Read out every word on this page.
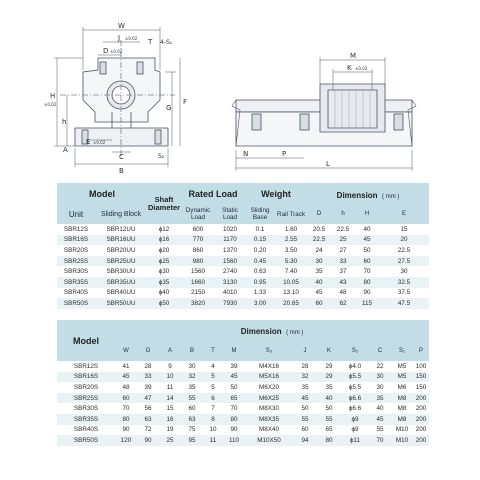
W
J ±0.02
D ±0.02
T 4-S₁
H
±0.02
h
F
G
E ±0.02
C
B
S₂
A
M
K ±0.02
N	P
L
Model		Shaft Diameter	Rated Load		Weight		Dimension ( mm )			
Unit	Sliding Block		Dynamic Load	Static Load	Sliding Base	Rail Track	D	h	H	E
SBR12S	SBR12UU	ϕ12	600	1020	0.1	1.60	20.5	22.5	40	15
SBR16S	SBR16UU	ϕ16	770	1170	0.15	2.55	22.5	25	45	20
SBR20S	SBR20UU	ϕ20	860	1370	0.20	3.50	24	27	50	22.5
SBR25S	SBR25UU	ϕ25	980	1560	0.45	5.30	30	33	60	27.5
SBR30S	SBR30UU	ϕ30	1560	2740	0.63	7.40	35	37	70	30
SBR35S	SBR35UU	ϕ35	1660	3130	0.95	10.05	40	43	80	32.5
SBR40S	SBR40UU	ϕ40	2150	4010	1.33	13.10	45	48	90	37.5
SBR50S	SBR50UU	ϕ50	3820	7930	3.00	20.65	60	62	115	47.5
Model	Dimension ( mm )												
	W	G	A	B	T	M	S₃	J	K	S₂	C	S₁	P
SBR12S	41	28	9	30	4	39	M4X16	28	29	ϕ4.0	22	M5	100
SBR16S	45	33	10	32	5	45	M5X16	32	29	ϕ5.5	30	M5	150
SBR20S	48	39	11	35	5	50	M6X20	35	35	ϕ5.5	30	M6	150
SBR25S	60	47	14	55	6	65	M6X25	45	40	ϕ6.6	35	M8	200
SBR30S	70	56	15	60	7	70	M8X30	50	50	ϕ6.6	40	M8	200
SBR35S	80	63	16	63	8	80	M8X35	55	55	ϕ9	45	M8	200
SBR40S	90	72	19	75	10	90	M8X40	60	65	ϕ9	55	M10	200
SBR50S	120	90	25	95	11	110	M10X50	94	80	ϕ11	70	M10	200
